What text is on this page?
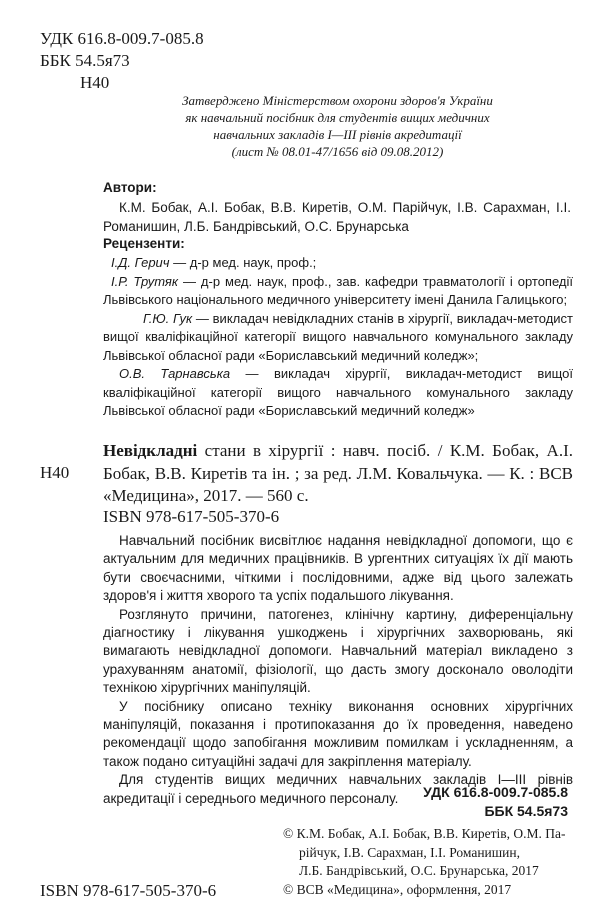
УДК 616.8-009.7-085.8
ББК 54.5я73
Н40
Затверджено Міністерством охорони здоров'я України
як навчальний посібник для студентів вищих медичних
навчальних закладів I—III рівнів акредитації
(лист № 08.01-47/1656 від 09.08.2012)
Автори:
К.М. Бобак, А.І. Бобак, В.В. Киретів, О.М. Парійчук, І.В. Сарахман, І.І. Романишин, Л.Б. Бандрівський, О.С. Брунарська
Рецензенти:

І.Д. Герич — д-р мед. наук, проф.;

І.Р. Трутяк — д-р мед. наук, проф., зав. кафедри травматології і ортопедії Львівського національного медичного університету імені Данила Галицького;

Г.Ю. Гук — викладач невідкладних станів в хірургії, викладач-методист вищої кваліфікаційної категорії вищого навчального комунального закладу Львівської обласної ради «Бориславський медичний коледж»;

О.В. Тарнавська — викладач хірургії, викладач-методист вищої кваліфікаційної категорії вищого навчального комунального закладу Львівської обласної ради «Бориславський медичний коледж»

Н40
Невідкладні стани в хірургії : навч. посіб. / К.М. Бобак, А.І. Бобак, В.В. Киретів та ін. ; за ред. Л.М. Ковальчука. — К. : ВСВ «Медицина», 2017. — 560 с.
ISBN 978-617-505-370-6

Навчальний посібник висвітлює надання невідкладної допомоги, що є актуальним для медичних працівників. В ургентних ситуаціях їх дії мають бути своєчасними, чіткими і послідовними, адже від цього залежать здоров'я і життя хворого та успіх подальшого лікування.

Розглянуто причини, патогенез, клінічну картину, диференціальну діагностику і лікування ушкоджень і хірургічних захворювань, які вимагають невідкладної допомоги. Навчальний матеріал викладено з урахуванням анатомії, фізіології, що дасть змогу досконало оволодіти технікою хірургічних маніпуляцій.

У посібнику описано техніку виконання основних хірургічних маніпуляцій, показання і протипоказання до їх проведення, наведено рекомендації щодо запобігання можливим помилкам і ускладненням, а також подано ситуаційні задачі для закріплення матеріалу.

Для студентів вищих медичних навчальних закладів I—III рівнів акредитації і середнього медичного персоналу.	УДК 616.8-009.7-085.8
ББК 54.5я73

© К.М. Бобак, А.І. Бобак, В.В. Киретів, О.М. Па-

рійчук, І.В. Сарахман, І.І. Романишин,

Л.Б. Бандрівський, О.С. Брунарська, 2017

© ВСВ «Медицина», оформлення, 2017

ISBN 978-617-505-370-6
